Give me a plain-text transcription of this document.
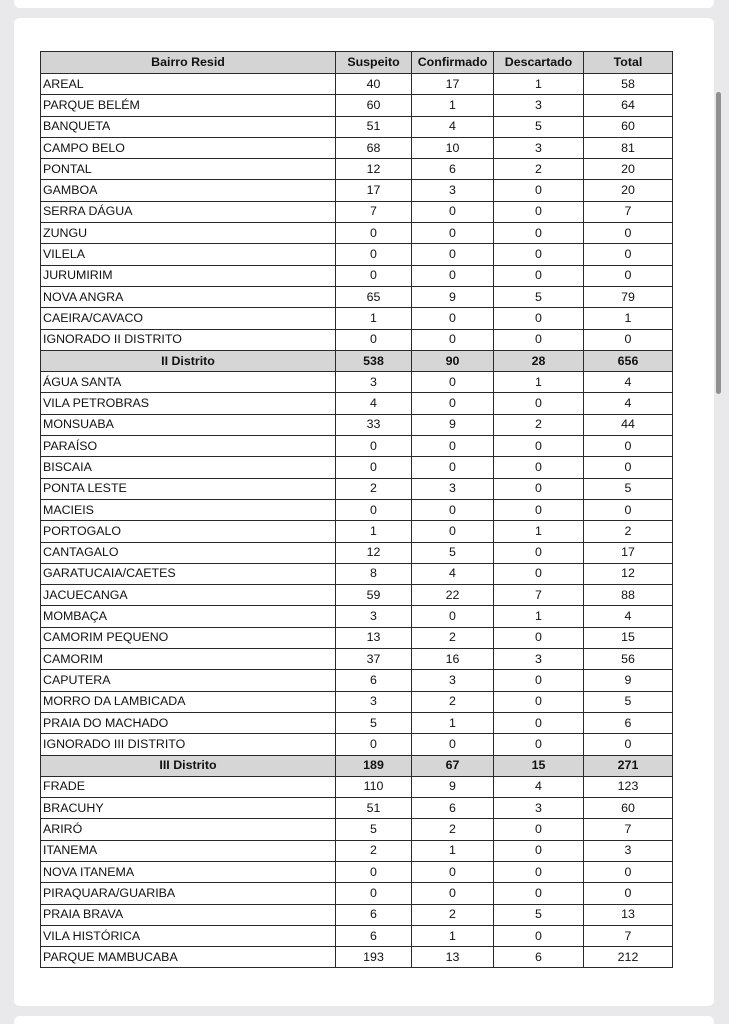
Bairro Resid	Suspeito	Confirmado	Descartado	Total
AREAL	40	17	1	58
PARQUE BELÉM	60	1	3	64
BANQUETA	51	4	5	60
CAMPO BELO	68	10	3	81
PONTAL	12	6	2	20
GAMBOA	17	3	0	20
SERRA DÁGUA	7	0	0	7
ZUNGU	0	0	0	0
VILELA	0	0	0	0
JURUMIRIM	0	0	0	0
NOVA ANGRA	65	9	5	79
CAEIRA/CAVACO	1	0	0	1
IGNORADO II DISTRITO	0	0	0	0
II Distrito	538	90	28	656
ÁGUA SANTA	3	0	1	4
VILA PETROBRAS	4	0	0	4
MONSUABA	33	9	2	44
PARAÍSO	0	0	0	0
BISCAIA	0	0	0	0
PONTA LESTE	2	3	0	5
MACIEIS	0	0	0	0
PORTOGALO	1	0	1	2
CANTAGALO	12	5	0	17
GARATUCAIA/CAETES	8	4	0	12
JACUECANGA	59	22	7	88
MOMBAÇA	3	0	1	4
CAMORIM PEQUENO	13	2	0	15
CAMORIM	37	16	3	56
CAPUTERA	6	3	0	9
MORRO DA LAMBICADA	3	2	0	5
PRAIA DO MACHADO	5	1	0	6
IGNORADO III DISTRITO	0	0	0	0
III Distrito	189	67	15	271
FRADE	110	9	4	123
BRACUHY	51	6	3	60
ARIRÓ	5	2	0	7
ITANEMA	2	1	0	3
NOVA ITANEMA	0	0	0	0
PIRAQUARA/GUARIBA	0	0	0	0
PRAIA BRAVA	6	2	5	13
VILA HISTÓRICA	6	1	0	7
PARQUE MAMBUCABA	193	13	6	212
